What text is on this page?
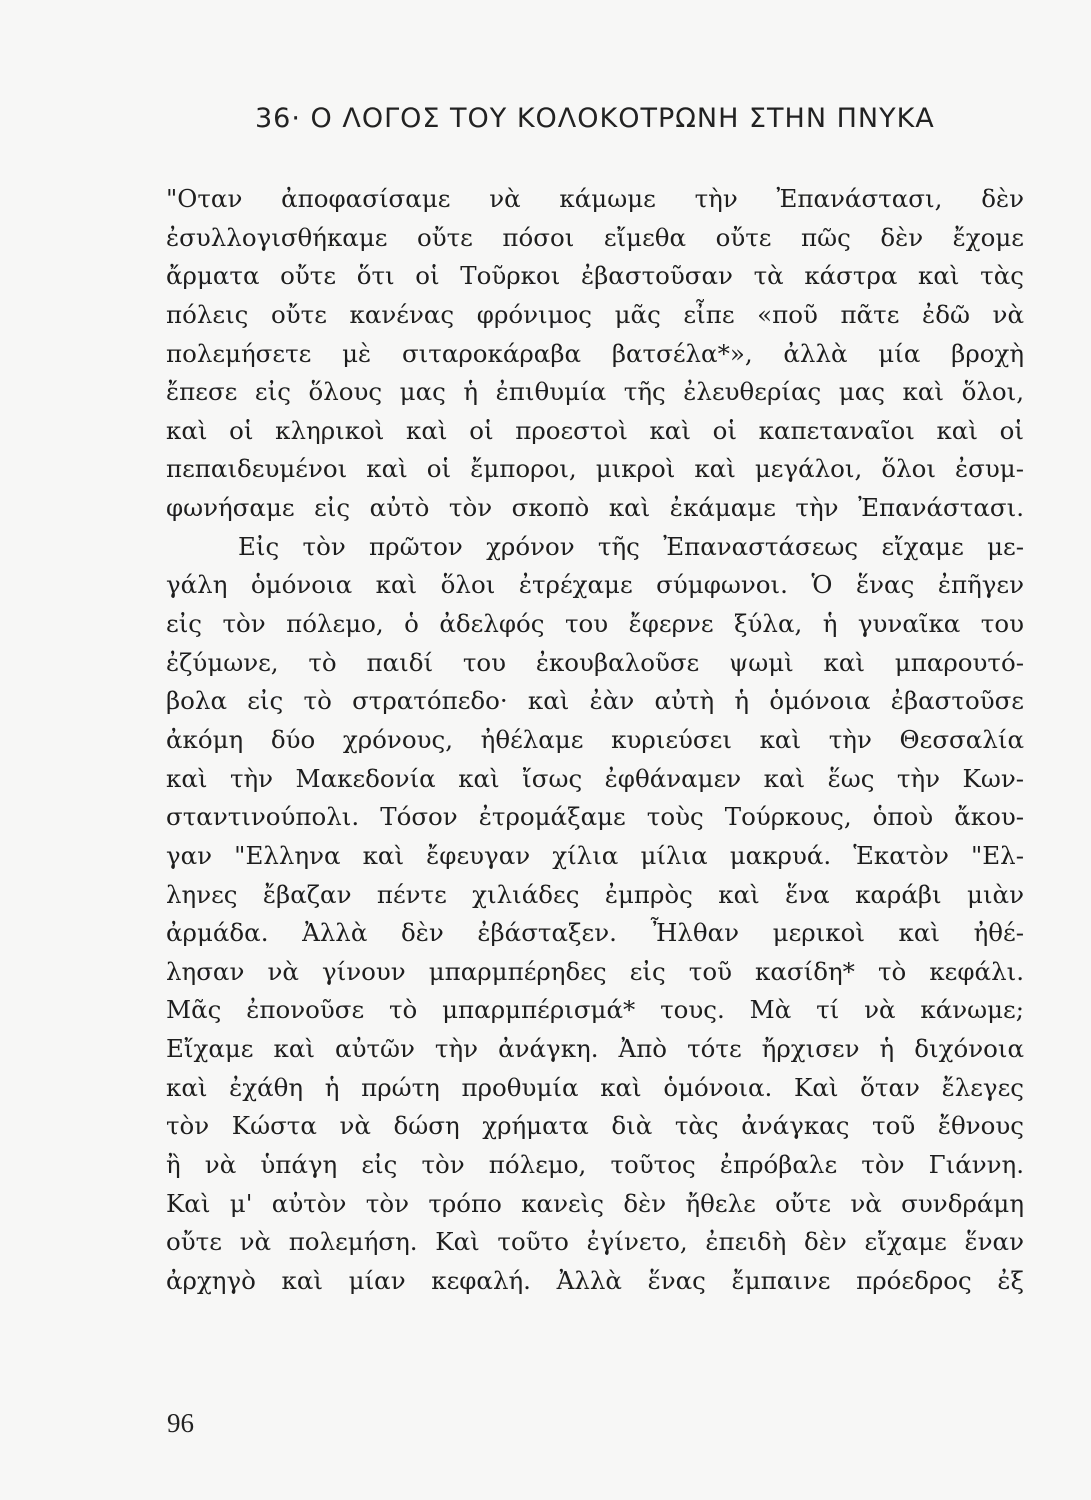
36· Ο ΛΟΓΟΣ ΤΟΥ ΚΟΛΟΚΟΤΡΩΝΗ ΣΤΗΝ ΠΝΥΚΑ
"Οταν ἀποφασίσαμε νὰ κάμωμε τὴν Ἐπανάστασι, δὲν
ἐσυλλογισθήκαμε οὔτε πόσοι εἴμεθα οὔτε πῶς δὲν ἔχομε
ἄρματα οὔτε ὅτι οἱ Τοῦρκοι ἐβαστοῦσαν τὰ κάστρα καὶ τὰς
πόλεις οὔτε κανένας φρόνιμος μᾶς εἶπε «ποῦ πᾶτε ἐδῶ νὰ
πολεμήσετε μὲ σιταροκάραβα βατσέλα*», ἀλλὰ μία βροχὴ
ἔπεσε εἰς ὅλους μας ἡ ἐπιθυμία τῆς ἐλευθερίας μας καὶ ὅλοι,
καὶ οἱ κληρικοὶ καὶ οἱ προεστοὶ καὶ οἱ καπεταναῖοι καὶ οἱ
πεπαιδευμένοι καὶ οἱ ἔμποροι, μικροὶ καὶ μεγάλοι, ὅλοι ἐσυμ-
φωνήσαμε εἰς αὐτὸ τὸν σκοπὸ καὶ ἐκάμαμε τὴν Ἐπανάστασι.
Εἰς τὸν πρῶτον χρόνον τῆς Ἐπαναστάσεως εἴχαμε με-
γάλη ὁμόνοια καὶ ὅλοι ἐτρέχαμε σύμφωνοι. Ὁ ἕνας ἐπῆγεν
εἰς τὸν πόλεμο, ὁ ἀδελφός του ἔφερνε ξύλα, ἡ γυναῖκα του
ἐζύμωνε, τὸ παιδί του ἐκουβαλοῦσε ψωμὶ καὶ μπαρουτό-
βολα εἰς τὸ στρατόπεδο· καὶ ἐὰν αὐτὴ ἡ ὁμόνοια ἐβαστοῦσε
ἀκόμη δύο χρόνους, ἠθέλαμε κυριεύσει καὶ τὴν Θεσσαλία
καὶ τὴν Μακεδονία καὶ ἴσως ἐφθάναμεν καὶ ἕως τὴν Κων-
σταντινούπολι. Τόσον ἐτρομάξαμε τοὺς Τούρκους, ὁποὺ ἄκου-
γαν "Ελληνα καὶ ἔφευγαν χίλια μίλια μακρυά. Ἑκατὸν "Ελ-
ληνες ἔβαζαν πέντε χιλιάδες ἐμπρὸς καὶ ἕνα καράβι μιὰν
ἀρμάδα. Ἀλλὰ δὲν ἐβάσταξεν. Ἦλθαν μερικοὶ καὶ ἠθέ-
λησαν νὰ γίνουν μπαρμπέρηδες εἰς τοῦ κασίδη* τὸ κεφάλι.
Μᾶς ἐπονοῦσε τὸ μπαρμπέρισμά* τους. Μὰ τί νὰ κάνωμε;
Εἴχαμε καὶ αὐτῶν τὴν ἀνάγκη. Ἀπὸ τότε ἤρχισεν ἡ διχόνοια
καὶ ἐχάθη ἡ πρώτη προθυμία καὶ ὁμόνοια. Καὶ ὅταν ἔλεγες
τὸν Κώστα νὰ δώση χρήματα διὰ τὰς ἀνάγκας τοῦ ἔθνους
ἢ νὰ ὑπάγη εἰς τὸν πόλεμο, τοῦτος ἐπρόβαλε τὸν Γιάννη.
Καὶ μ' αὐτὸν τὸν τρόπο κανεὶς δὲν ἤθελε οὔτε νὰ συνδράμη
οὔτε νὰ πολεμήση. Καὶ τοῦτο ἐγίνετο, ἐπειδὴ δὲν εἴχαμε ἕναν
ἀρχηγὸ καὶ μίαν κεφαλή. Ἀλλὰ ἕνας ἔμπαινε πρόεδρος ἐξ
96
